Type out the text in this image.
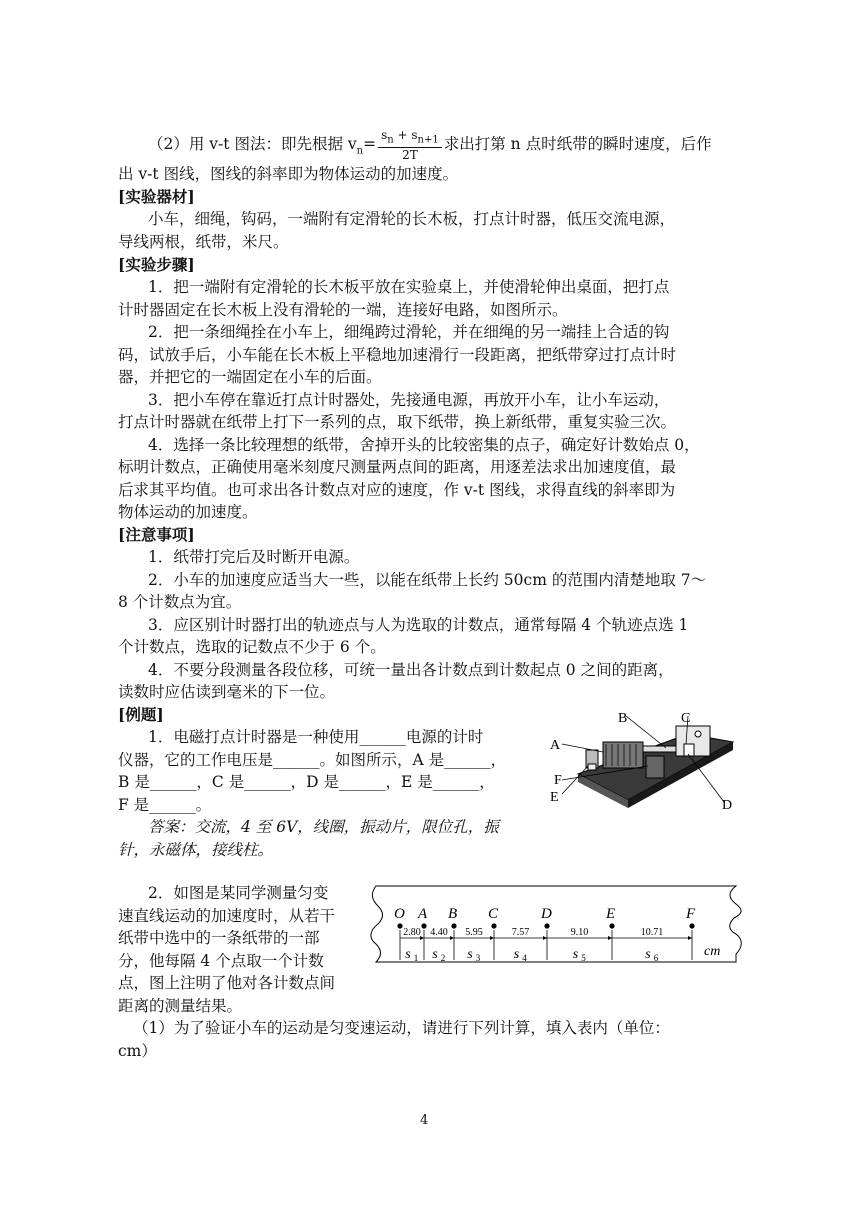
（2）用 v-t 图法：即先根据 $v_n= \frac{s_n + s_{n+1}}{2T}$ 求出打第 n 点时纸带的瞬时速度，后作
出 v-t 图线，图线的斜率即为物体运动的加速度。
[实验器材]
小车，细绳，钩码，一端附有定滑轮的长木板，打点计时器，低压交流电源，
导线两根，纸带，米尺。
[实验步骤]
1．把一端附有定滑轮的长木板平放在实验桌上，并使滑轮伸出桌面，把打点
计时器固定在长木板上没有滑轮的一端，连接好电路，如图所示。
2．把一条细绳拴在小车上，细绳跨过滑轮，并在细绳的另一端挂上合适的钩
码，试放手后，小车能在长木板上平稳地加速滑行一段距离，把纸带穿过打点计时
器，并把它的一端固定在小车的后面。
3．把小车停在靠近打点计时器处，先接通电源，再放开小车，让小车运动，
打点计时器就在纸带上打下一系列的点，取下纸带，换上新纸带，重复实验三次。
4．选择一条比较理想的纸带，舍掉开头的比较密集的点子，确定好计数始点 0，
标明计数点，正确使用毫米刻度尺测量两点间的距离，用逐差法求出加速度值，最
后求其平均值。也可求出各计数点对应的速度，作 v-t 图线，求得直线的斜率即为
物体运动的加速度。
[注意事项]
1．纸带打完后及时断开电源。
2．小车的加速度应适当大一些，以能在纸带上长约 50cm 的范围内清楚地取 7～
8 个计数点为宜。
3．应区别计时器打出的轨迹点与人为选取的计数点，通常每隔 4 个轨迹点选 1
个计数点，选取的记数点不少于 6 个。
4．不要分段测量各段位移，可统一量出各计数点到计数起点 0 之间的距离，
读数时应估读到毫米的下一位。
[例题]
1．电磁打点计时器是一种使用______电源的计时
仪器，它的工作电压是______。如图所示，A 是______，
B 是______，C 是______，D 是______，E 是______，
F 是______。
答案：交流，4 至 6V，线圈，振动片，限位孔，振
针，永磁体，接线柱。
A
B	C
D
E
F
2．如图是某同学测量匀变
速直线运动的加速度时，从若干
纸带中选中的一条纸带的一部
分，他每隔 4 个点取一个计数
点，图上注明了他对各计数点间
距离的测量结果。
（1）为了验证小车的运动是匀变速运动，请进行下列计算，填入表内（单位：
cm）
O A B C	D	E	F
2.80
s 1
4.40
s 2
5.95
s 3
7.57
s 4
9.10
s 5
10.71
s 6	cm
4
